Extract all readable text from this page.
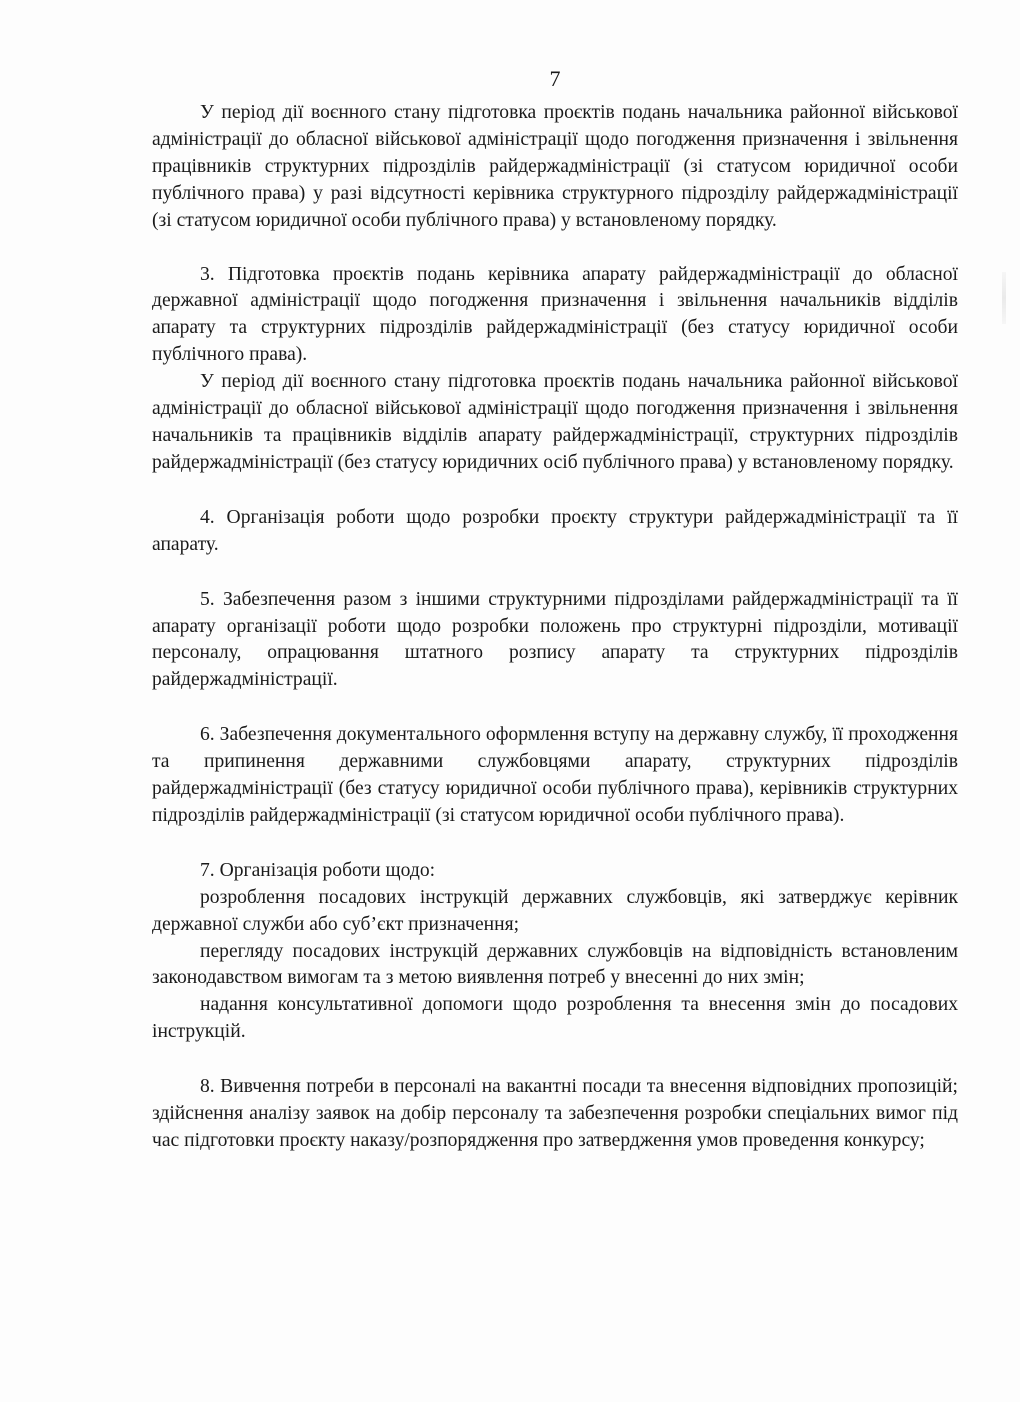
7

У період дії воєнного стану підготовка проєктів подань начальника районної військової адміністрації до обласної військової адміністрації щодо погодження призначення і звільнення працівників структурних підрозділів райдержадміністрації (зі статусом юридичної особи публічного права) у разі відсутності керівника структурного підрозділу райдержадміністрації (зі статусом юридичної особи публічного права) у встановленому порядку.

3. Підготовка проєктів подань керівника апарату райдержадміністрації до обласної державної адміністрації щодо погодження призначення і звільнення начальників відділів апарату та структурних підрозділів райдержадміністрації (без статусу юридичної особи публічного права).

У період дії воєнного стану підготовка проєктів подань начальника районної військової адміністрації до обласної військової адміністрації щодо погодження призначення і звільнення начальників та працівників відділів апарату райдержадміністрації, структурних підрозділів райдержадміністрації (без статусу юридичних осіб публічного права) у встановленому порядку.

4. Організація роботи щодо розробки проєкту структури райдержадміністрації та її апарату.

5. Забезпечення разом з іншими структурними підрозділами райдержадміністрації та її апарату організації роботи щодо розробки положень про структурні підрозділи, мотивації персоналу, опрацювання штатного розпису апарату та структурних підрозділів райдержадміністрації.

6. Забезпечення документального оформлення вступу на державну службу, її проходження та припинення державними службовцями апарату, структурних підрозділів райдержадміністрації (без статусу юридичної особи публічного права), керівників структурних підрозділів райдержадміністрації (зі статусом юридичної особи публічного права).

7. Організація роботи щодо:

розроблення посадових інструкцій державних службовців, які затверджує керівник державної служби або суб’єкт призначення;

перегляду посадових інструкцій державних службовців на відповідність встановленим законодавством вимогам та з метою виявлення потреб у внесенні до них змін;

надання консультативної допомоги щодо розроблення та внесення змін до посадових інструкцій.

8. Вивчення потреби в персоналі на вакантні посади та внесення відповідних пропозицій; здійснення аналізу заявок на добір персоналу та забезпечення розробки спеціальних вимог під час підготовки проєкту наказу/розпорядження про затвердження умов проведення конкурсу;
